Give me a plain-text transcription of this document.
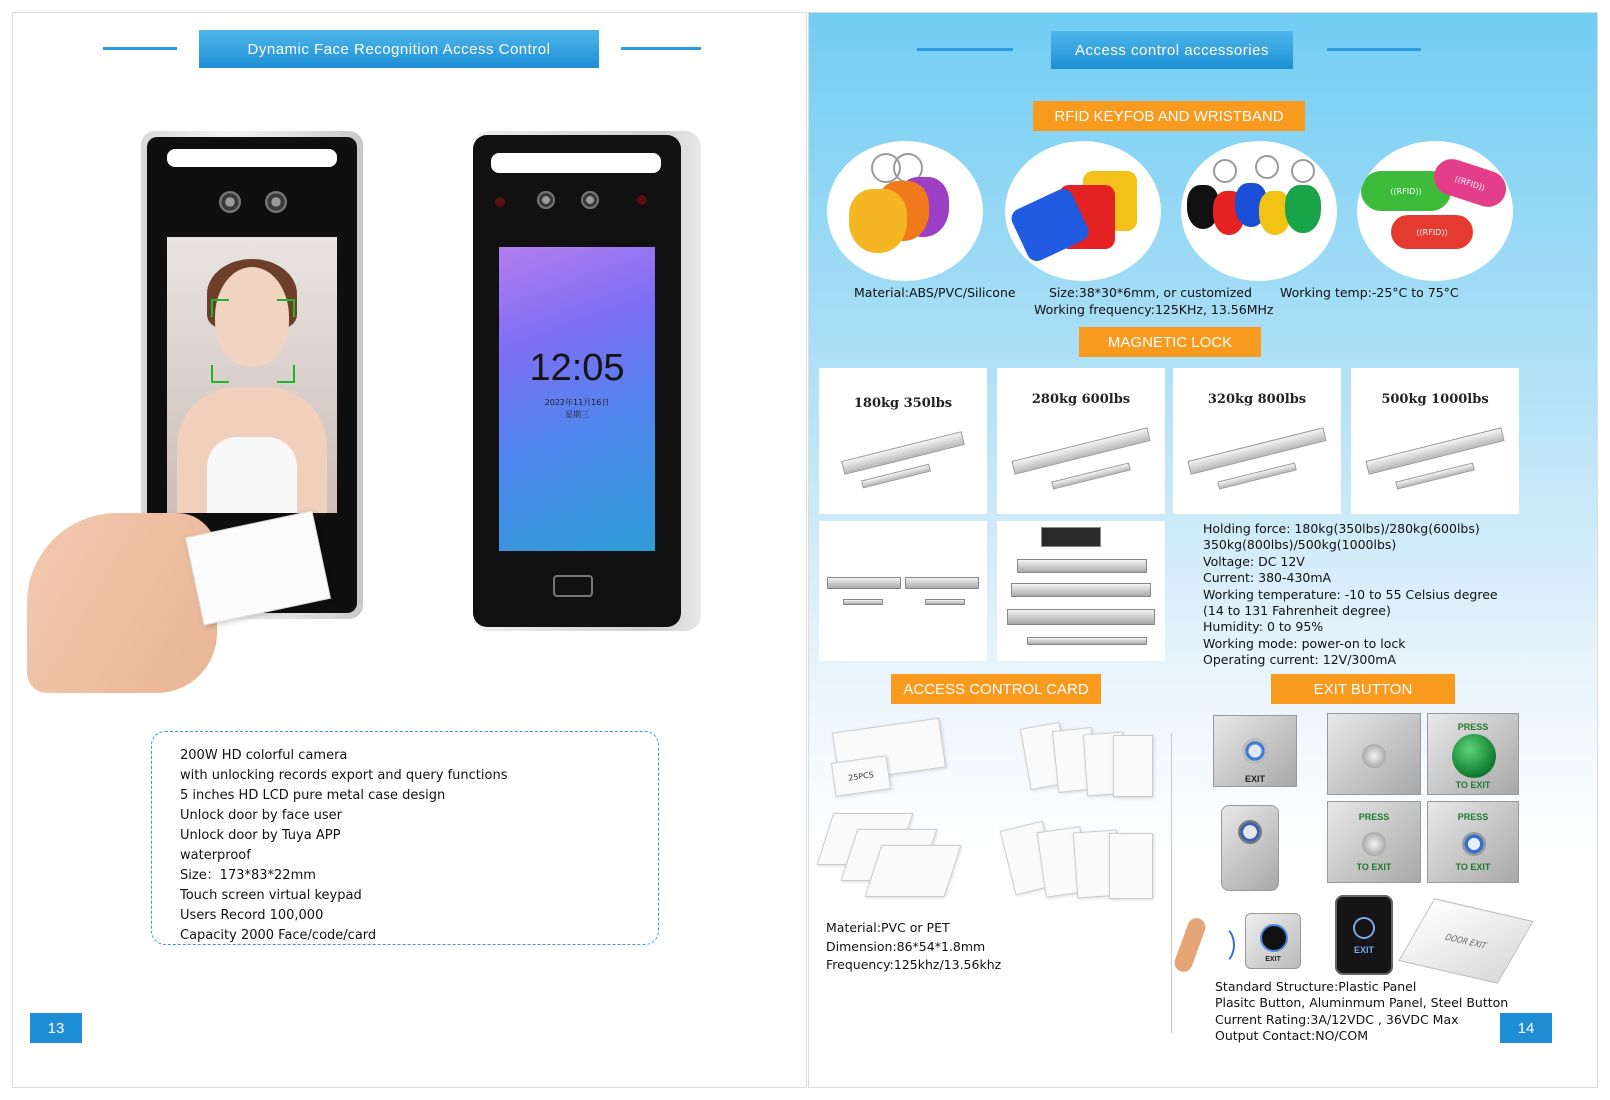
Dynamic Face Recognition Access Control
12:05
2022年11月16日
星期三
200W HD colorful camera
with unlocking records export and query functions
5 inches HD LCD pure metal case design
Unlock door by face user
Unlock door by Tuya APP
waterproof
Size：173*83*22mm
Touch screen virtual keypad
Users Record 100,000
Capacity 2000 Face/code/card
13
Access control accessories
RFID KEYFOB AND WRISTBAND
((RFID))	((RFID))
((RFID))
Material:ABS/PVC/Silicone	Size:38*30*6mm, or customized Working temp:-25°C to 75°C
Working frequency:125KHz, 13.56MHz
MAGNETIC LOCK
180kg 350lbs	280kg 600lbs	320kg 800lbs	500kg 1000lbs
Holding force: 180kg(350lbs)/280kg(600lbs)
350kg(800lbs)/500kg(1000lbs)
Voltage: DC 12V
Current: 380-430mA
Working temperature: -10 to 55 Celsius degree
(14 to 131 Fahrenheit degree)
Humidity: 0 to 95%
Working mode: power-on to lock
Operating current: 12V/300mA
ACCESS CONTROL CARD	EXIT BUTTON
25PCS
Material:PVC or PET
Dimension:86*54*1.8mm
Frequency:125khz/13.56khz
EXIT
PRESS
TO EXIT
PRESS
TO EXIT
PRESS
TO EXIT
EXIT
EXIT	DOOR EXIT
Standard Structure:Plastic Panel
Plasitc Button, Aluminmum Panel, Steel Button
Current Rating:3A/12VDC , 36VDC Max
Output Contact:NO/COM	14
